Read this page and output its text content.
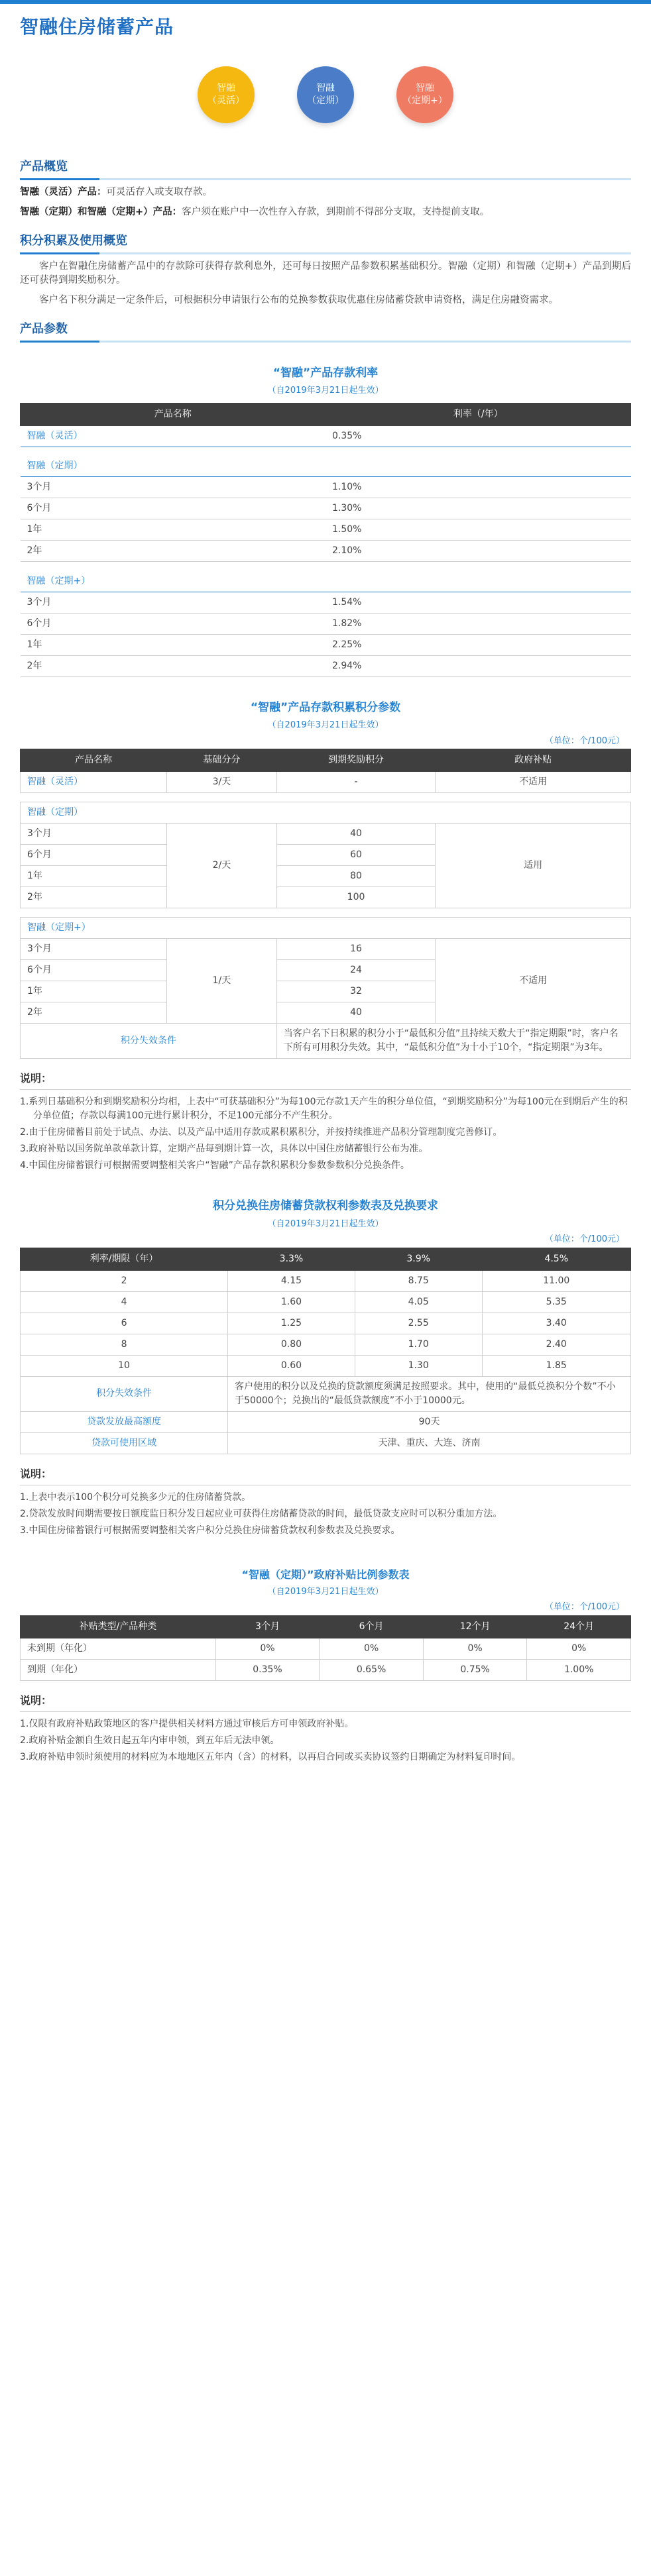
智融住房储蓄产品
智融
（灵活）
智融
（定期）
智融
（定期+）
产品概览

智融（灵活）产品：可灵活存入或支取存款。

智融（定期）和智融（定期+）产品：客户须在账户中一次性存入存款，到期前不得部分支取，支持提前支取。

积分积累及使用概览

客户在智融住房储蓄产品中的存款除可获得存款利息外，还可每日按照产品参数积累基础积分。智融（定期）和智融（定期+）产品到期后还可获得到期奖励积分。

客户名下积分满足一定条件后，可根据积分申请银行公布的兑换参数获取优惠住房储蓄贷款申请资格，满足住房融资需求。

产品参数
“智融”产品存款利率
（自2019年3月21日起生效）
产品名称	利率（/年）
智融（灵活）	0.35%

智融（定期）	
3个月	1.10%
6个月	1.30%
1年	1.50%
2年	2.10%

智融（定期+）	
3个月	1.54%
6个月	1.82%
1年	2.25%
2年	2.94%
“智融”产品存款积累积分参数
（自2019年3月21日起生效）
（单位：个/100元）
产品名称	基础分分	到期奖励积分	政府补贴
智融（灵活）	3/天	-	不适用

智融（定期）			
3个月	2/天	40	适用
6个月		60	
1年		80	
2年		100	

智融（定期+）			
3个月	1/天	16	不适用
6个月		24	
1年		32	
2年		40	
积分失效条件		当客户名下日积累的积分小于“最低积分值”且持续天数大于“指定期限”时，客户名下所有可用积分失效。其中，“最低积分值”为十小于10个，“指定期限”为3年。	
说明：
1.系列日基础积分和到期奖励积分均相，上表中“可获基础积分”为每100元存款1天产生的积分单位值，“到期奖励积分”为每100元在到期后产生的积分单位值；存款以每满100元进行累计积分，不足100元部分不产生积分。
2.由于住房储蓄目前处于试点、办法、以及产品中适用存款或累积累积分，并按持续推进产品积分管理制度完善修订。
3.政府补贴以国务院单款单款计算，定期产品每到期计算一次，具体以中国住房储蓄银行公布为准。
4.中国住房储蓄银行可根据需要调整相关客户“智融”产品存款积累积分参数参数积分兑换条件。
积分兑换住房储蓄贷款权利参数表及兑换要求
（自2019年3月21日起生效）
（单位：个/100元）
利率/期限（年）	3.3%	3.9%	4.5%
2	4.15	8.75	11.00
4	1.60	4.05	5.35
6	1.25	2.55	3.40
8	0.80	1.70	2.40
10	0.60	1.30	1.85
积分失效条件	客户使用的积分以及兑换的贷款额度须满足按照要求。其中，使用的“最低兑换积分个数”不小于50000个；兑换出的“最低贷款额度”不小于10000元。		
贷款发放最高额度	90天		
贷款可使用区域	天津、重庆、大连、济南		
说明：
1.上表中表示100个积分可兑换多少元的住房储蓄贷款。
2.贷款发放时间期需要按日额度监日积分发日起应业可获得住房储蓄贷款的时间，最低贷款支应时可以积分重加方法。
3.中国住房储蓄银行可根据需要调整相关客户积分兑换住房储蓄贷款权利参数表及兑换要求。
“智融（定期）”政府补贴比例参数表
（自2019年3月21日起生效）
（单位：个/100元）
补贴类型/产品种类	3个月	6个月	12个月	24个月
未到期（年化）	0%	0%	0%	0%
到期（年化）	0.35%	0.65%	0.75%	1.00%
说明：
1.仅限有政府补贴政策地区的客户提供相关材料方通过审核后方可申领政府补贴。
2.政府补贴金额自生效日起五年内审申领，到五年后无法申领。
3.政府补贴申领时须使用的材料应为本地地区五年内（含）的材料，以再启合同或买卖协议签约日期确定为材料复印时间。
